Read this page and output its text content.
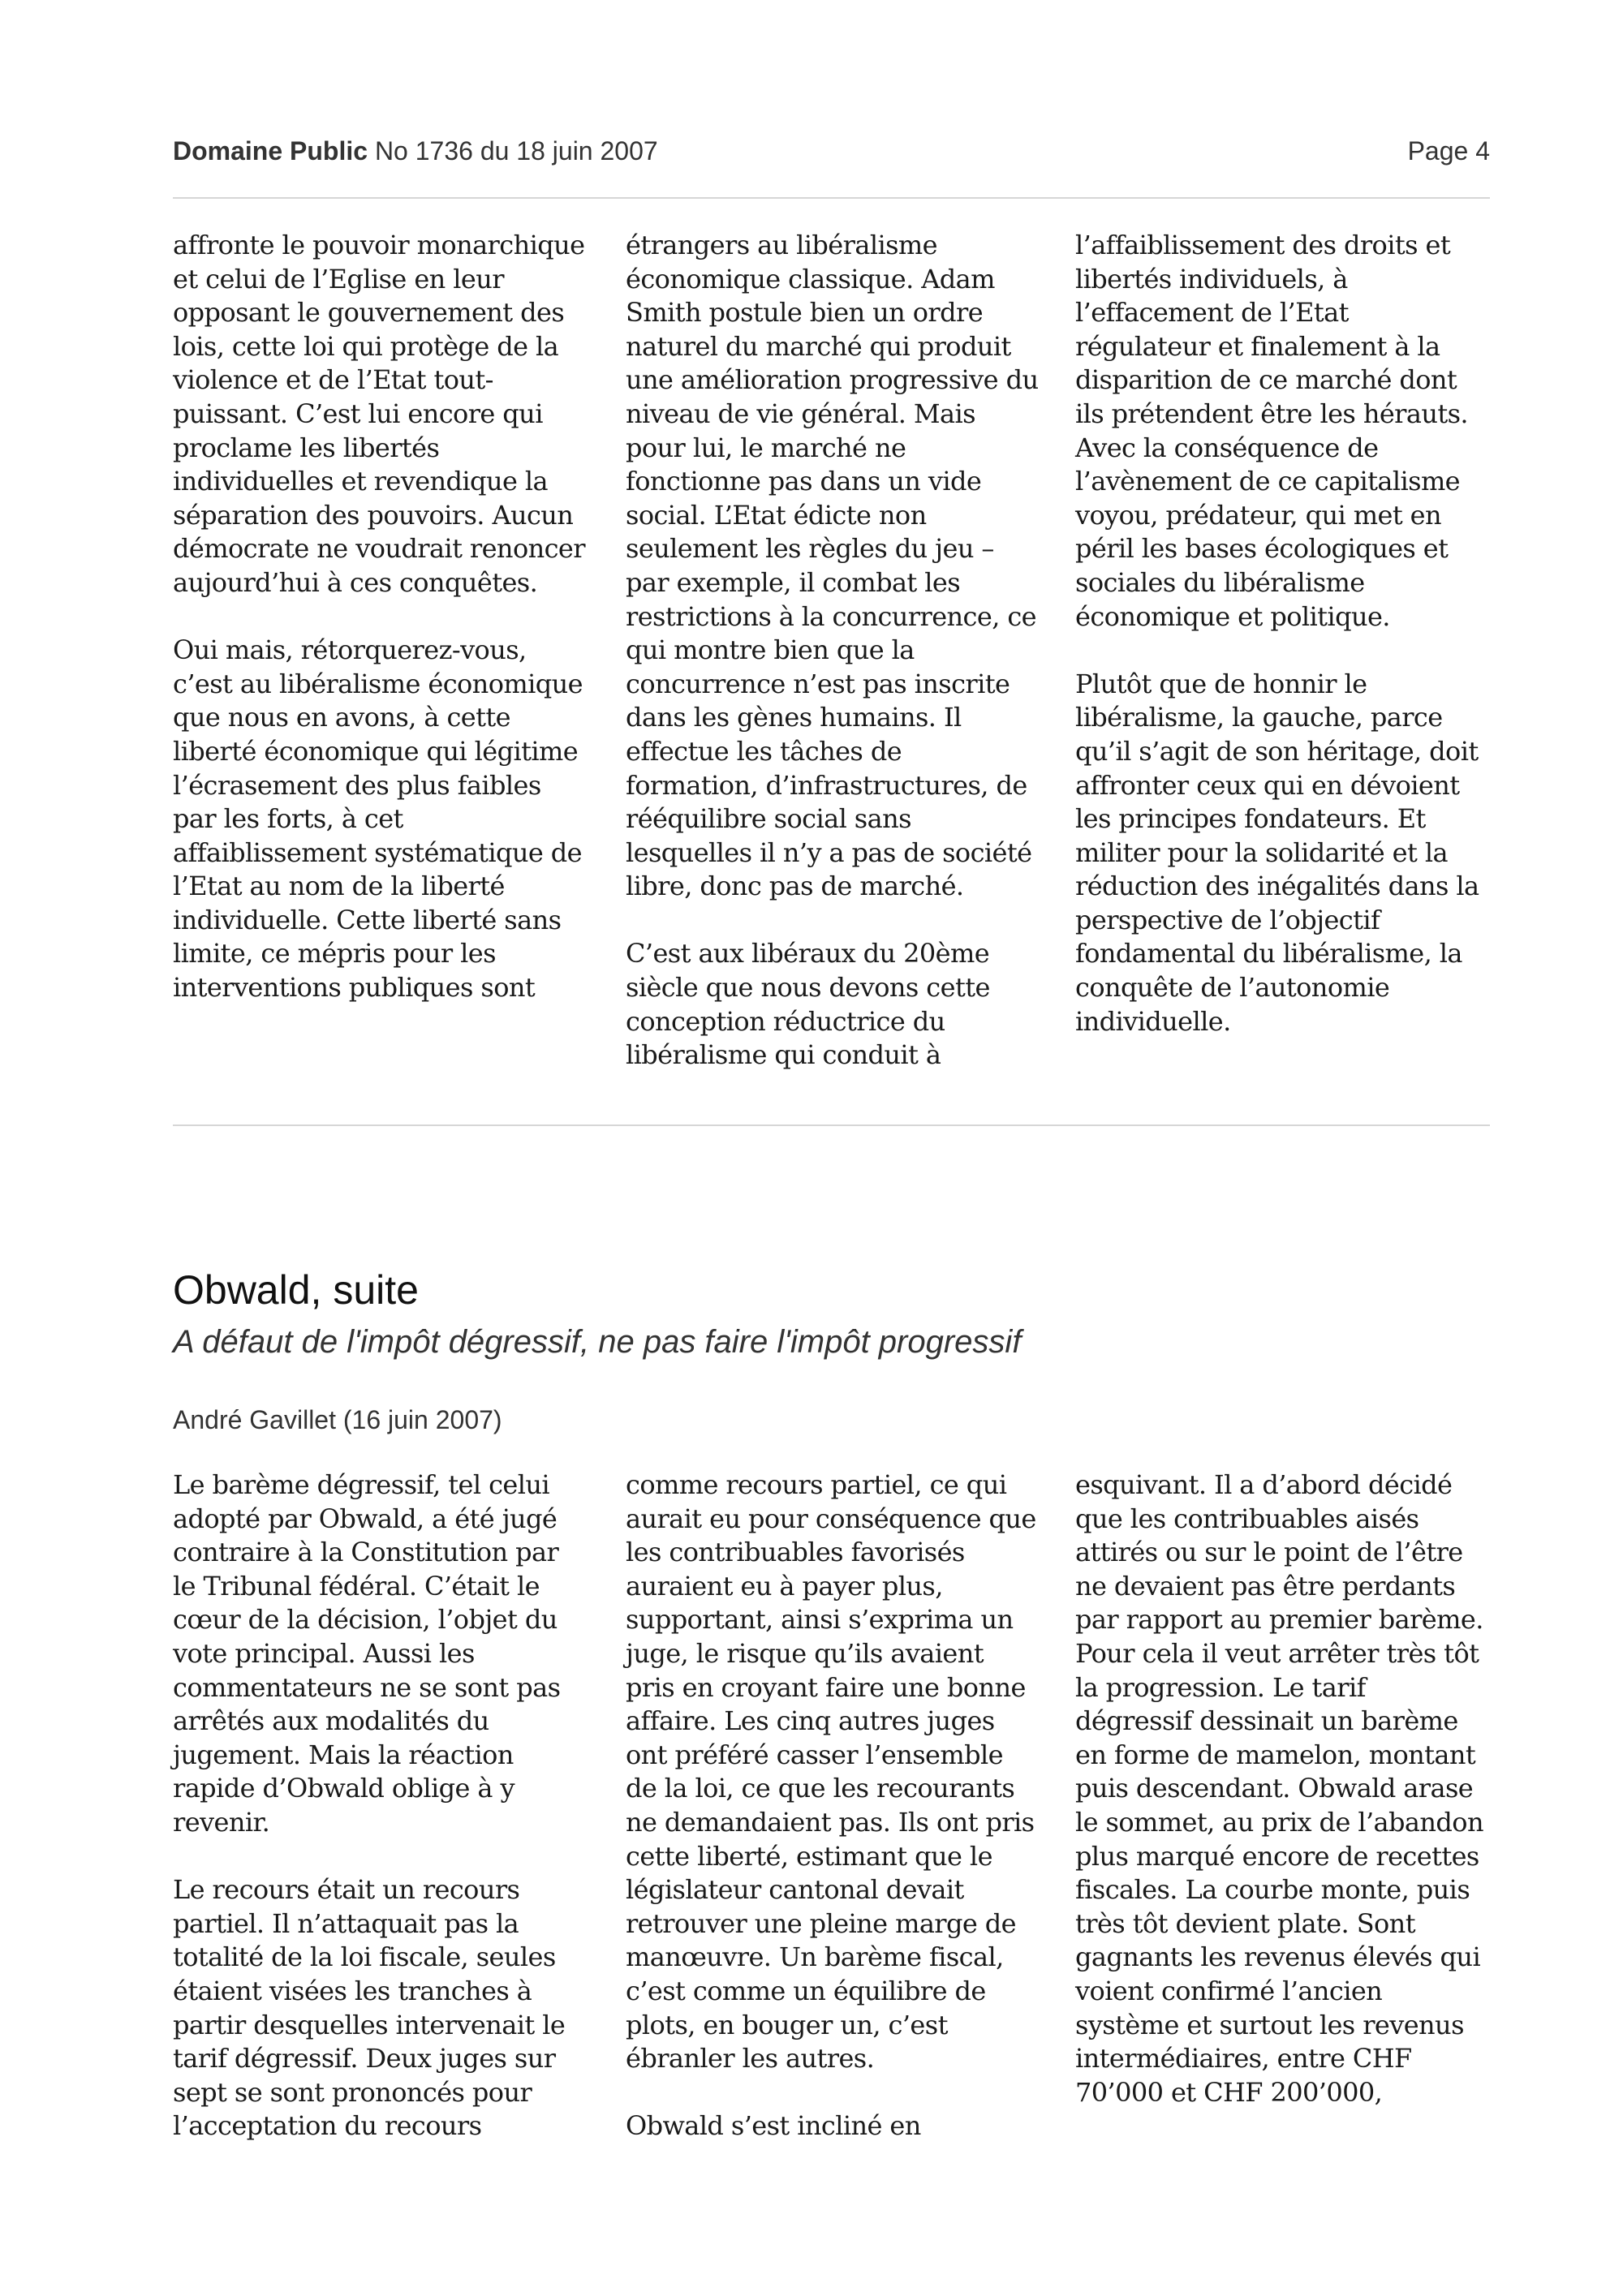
Domaine Public No 1736 du 18 juin 2007	Page 4

affronte le pouvoir monarchique et celui de l’Eglise en leur opposant le gouvernement des lois, cette loi qui protège de la violence et de l’Etat tout-puissant. C’est lui encore qui proclame les libertés individuelles et revendique la séparation des pouvoirs. Aucun démocrate ne voudrait renoncer aujourd’hui à ces conquêtes.

Oui mais, rétorquerez-vous, c’est au libéralisme économique que nous en avons, à cette liberté économique qui légitime l’écrasement des plus faibles par les forts, à cet affaiblissement systématique de l’Etat au nom de la liberté individuelle. Cette liberté sans limite, ce mépris pour les interventions publiques sont

étrangers au libéralisme économique classique. Adam Smith postule bien un ordre naturel du marché qui produit une amélioration progressive du niveau de vie général. Mais pour lui, le marché ne fonctionne pas dans un vide social. L’Etat édicte non seulement les règles du jeu – par exemple, il combat les restrictions à la concurrence, ce qui montre bien que la concurrence n’est pas inscrite dans les gènes humains. Il effectue les tâches de formation, d’infrastructures, de rééquilibre social sans lesquelles il n’y a pas de société libre, donc pas de marché.

C’est aux libéraux du 20ème siècle que nous devons cette conception réductrice du libéralisme qui conduit à

l’affaiblissement des droits et libertés individuels, à l’effacement de l’Etat régulateur et finalement à la disparition de ce marché dont ils prétendent être les hérauts. Avec la conséquence de l’avènement de ce capitalisme voyou, prédateur, qui met en péril les bases écologiques et sociales du libéralisme économique et politique.

Plutôt que de honnir le libéralisme, la gauche, parce qu’il s’agit de son héritage, doit affronter ceux qui en dévoient les principes fondateurs. Et militer pour la solidarité et la réduction des inégalités dans la perspective de l’objectif fondamental du libéralisme, la conquête de l’autonomie individuelle.

Obwald, suite
A défaut de l'impôt dégressif, ne pas faire l'impôt progressif
André Gavillet (16 juin 2007)

Le barème dégressif, tel celui adopté par Obwald, a été jugé contraire à la Constitution par le Tribunal fédéral. C’était le cœur de la décision, l’objet du vote principal. Aussi les commentateurs ne se sont pas arrêtés aux modalités du jugement. Mais la réaction rapide d’Obwald oblige à y revenir.

Le recours était un recours partiel. Il n’attaquait pas la totalité de la loi fiscale, seules étaient visées les tranches à partir desquelles intervenait le tarif dégressif. Deux juges sur sept se sont prononcés pour l’acceptation du recours

comme recours partiel, ce qui aurait eu pour conséquence que les contribuables favorisés auraient eu à payer plus, supportant, ainsi s’exprima un juge, le risque qu’ils avaient pris en croyant faire une bonne affaire. Les cinq autres juges ont préféré casser l’ensemble de la loi, ce que les recourants ne demandaient pas. Ils ont pris cette liberté, estimant que le législateur cantonal devait retrouver une pleine marge de manœuvre. Un barème fiscal, c’est comme un équilibre de plots, en bouger un, c’est ébranler les autres.

Obwald s’est incliné en

esquivant. Il a d’abord décidé que les contribuables aisés attirés ou sur le point de l’être ne devaient pas être perdants par rapport au premier barème. Pour cela il veut arrêter très tôt la progression. Le tarif dégressif dessinait un barème en forme de mamelon, montant puis descendant. Obwald arase le sommet, au prix de l’abandon plus marqué encore de recettes fiscales. La courbe monte, puis très tôt devient plate. Sont gagnants les revenus élevés qui voient confirmé l’ancien système et surtout les revenus intermédiaires, entre CHF 70’000 et CHF 200’000,
